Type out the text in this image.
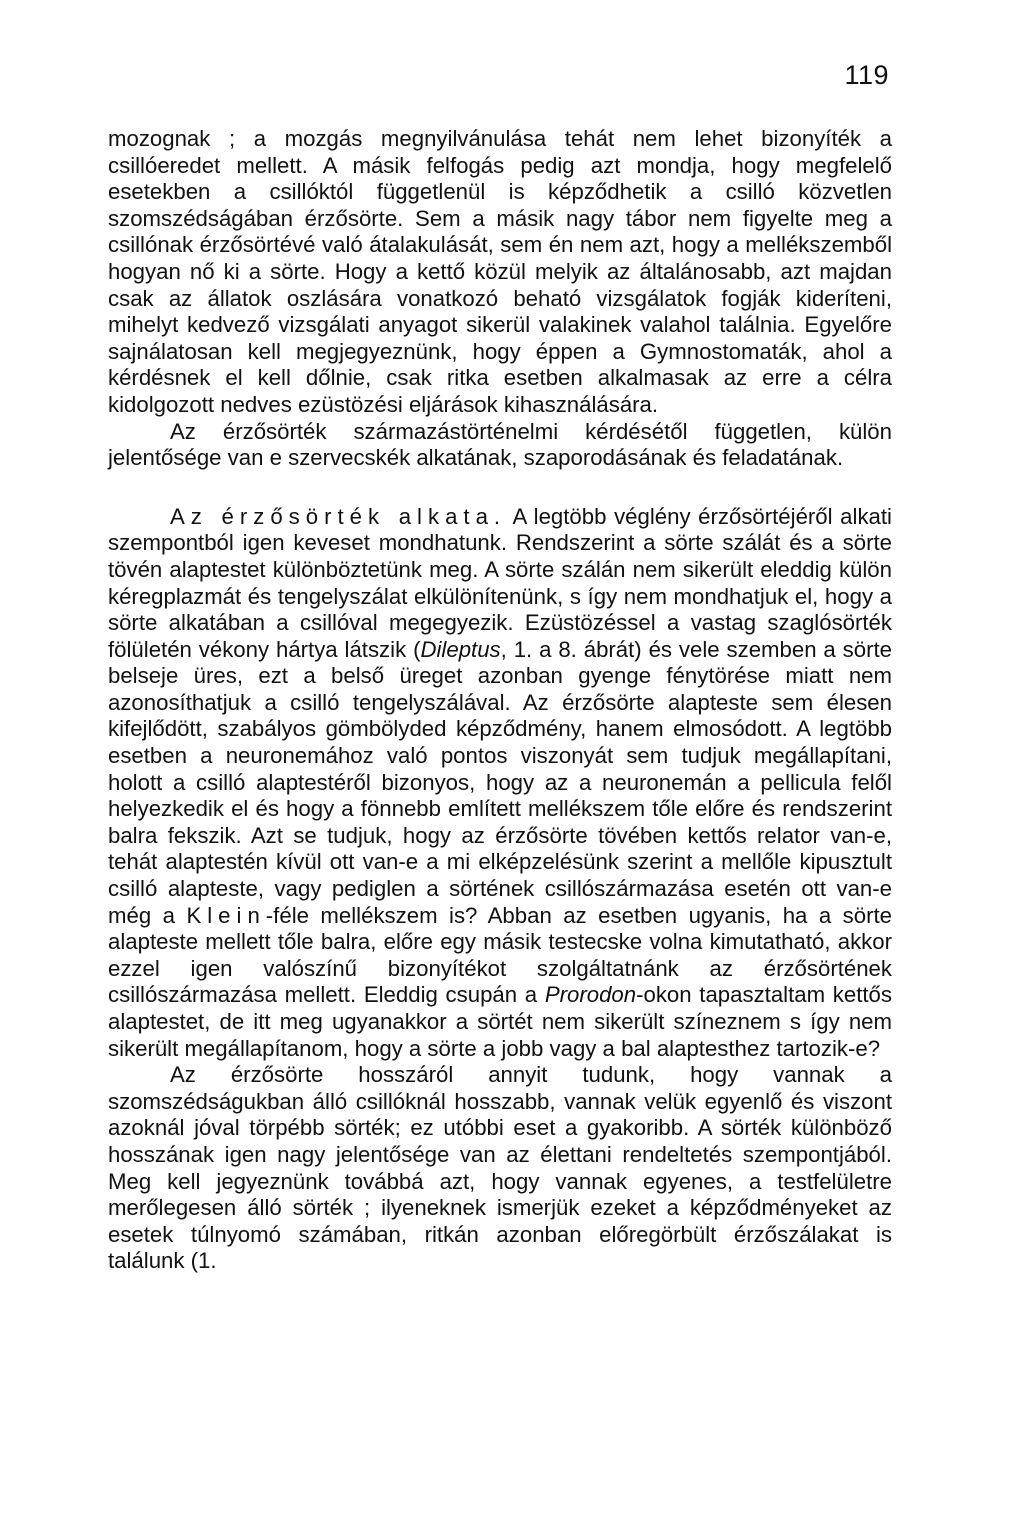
119

mozognak ; a mozgás megnyilvánulása tehát nem lehet bizonyíték a csillóeredet mellett. A másik felfogás pedig azt mondja, hogy megfelelő esetekben a csillóktól függetlenül is képződhetik a csilló közvetlen szomszédságában érzősörte. Sem a másik nagy tábor nem figyelte meg a csillónak érzősörtévé való átalakulását, sem én nem azt, hogy a mellékszemből hogyan nő ki a sörte. Hogy a kettő közül melyik az általánosabb, azt majdan csak az állatok oszlására vonatkozó beható vizsgálatok fogják kideríteni, mihelyt kedvező vizsgálati anyagot sikerül valakinek valahol találnia. Egyelőre sajnálatosan kell megjegyeznünk, hogy éppen a Gymnostomaták, ahol a kérdésnek el kell dőlnie, csak ritka esetben alkalmasak az erre a célra kidolgozott nedves ezüstözési eljárások kihasználására.

Az érzősörték származástörténelmi kérdésétől független, külön jelentősége van e szervecskék alkatának, szaporodásának és feladatának.

Az érzősörték alkata. A legtöbb véglény érzősörtéjéről alkati szempontból igen keveset mondhatunk. Rendszerint a sörte szálát és a sörte tövén alaptestet különböztetünk meg. A sörte szálán nem sikerült eleddig külön kéregplazmát és tengelyszálat elkülönítenünk, s így nem mondhatjuk el, hogy a sörte alkatában a csillóval megegyezik. Ezüstözéssel a vastag szaglósörték fölületén vékony hártya látszik (Dileptus, 1. a 8. ábrát) és vele szemben a sörte belseje üres, ezt a belső üreget azonban gyenge fénytörése miatt nem azonosíthatjuk a csilló tengelyszálával. Az érzősörte alapteste sem élesen kifejlődött, szabályos gömbölyded képződmény, hanem elmosódott. A legtöbb esetben a neuronemához való pontos viszonyát sem tudjuk megállapítani, holott a csilló alaptestéről bizonyos, hogy az a neuronemán a pellicula felől helyezkedik el és hogy a fönnebb említett mellékszem tőle előre és rendszerint balra fekszik. Azt se tudjuk, hogy az érzősörte tövében kettős relator van-e, tehát alaptestén kívül ott van-e a mi elképzelésünk szerint a mellőle kipusztult csilló alapteste, vagy pediglen a sörtének csillószármazása esetén ott van-e még a Klein-féle mellékszem is? Abban az esetben ugyanis, ha a sörte alapteste mellett tőle balra, előre egy másik testecske volna kimutatható, akkor ezzel igen valószínű bizonyítékot szolgáltatnánk az érzősörtének csillószármazása mellett. Eleddig csupán a Prorodon-okon tapasztaltam kettős alaptestet, de itt meg ugyanakkor a sörtét nem sikerült színeznem s így nem sikerült megállapítanom, hogy a sörte a jobb vagy a bal alaptesthez tartozik-e?

Az érzősörte hosszáról annyit tudunk, hogy vannak a szomszédságukban álló csillóknál hosszabb, vannak velük egyenlő és viszont azoknál jóval törpébb sörték; ez utóbbi eset a gyakoribb. A sörték különböző hosszának igen nagy jelentősége van az élettani rendeltetés szempontjából. Meg kell jegyeznünk továbbá azt, hogy vannak egyenes, a testfelületre merőlegesen álló sörték ; ilyeneknek ismerjük ezeket a képződményeket az esetek túlnyomó számában, ritkán azonban előregörbült érzőszálakat is találunk (1.
